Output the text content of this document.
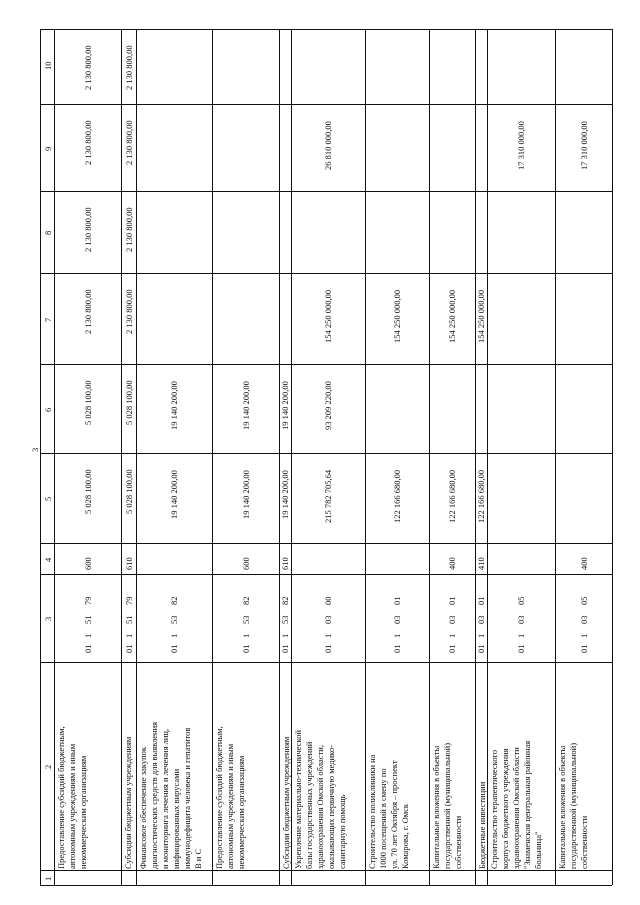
3
1
2
3
4
5
6
7
8
9
10
Предоставление субсидий бюджетным,
автономным учреждениям и иным
некоммерческим организациям
01
1
51
79
600
5 028 100,00
5 028 100,00
2 130 800,00
2 130 800,00
2 130 800,00
2 130 800,00
Субсидии бюджетным учреждениям
01
1
51
79
610
5 028 100,00
5 028 100,00
2 130 800,00
2 130 800,00
2 130 800,00
2 130 800,00
Финансовое обеспечение закупок
диагностических средств для выявления
и мониторинга лечения и лечения лиц,
инфицированных вирусами
иммунодефицита человека и гепатитов
B и C
01
1
53
82
19 140 200,00
19 140 200,00
Предоставление субсидий бюджетным,
автономным учреждениям и иным
некоммерческим организациям
01
1
53
82
600
19 140 200,00
19 140 200,00
Субсидии бюджетным учреждениям
01
1
53
82
610
19 140 200,00
19 140 200,00
Укрепление материально-технической
базы государственных учреждений
здравоохранения Омской области,
оказывающих первичную медико-
санитарную помощь
01
1
03
00
215 782 705,64
93 209 220,00
154 250 000,00
26 810 000,00
Строительство поликлиники на
1000 посещений в смену по
ул. 70 лет Октября – проспект
Комарова, г. Омск
01
1
03
01
122 166 680,00
154 250 000,00
Капитальные вложения в объекты
государственной (муниципальной)
собственности
01
1
03
01
400
122 166 680,00
154 250 000,00
Бюджетные инвестиции
01
1
03
01
410
122 166 680,00
154 250 000,00
Строительство терапевтического
корпуса бюджетного учреждения
здравоохранения Омской области
"Знаменская центральная районная
больница"
01
1
03
05
17 310 000,00
Капитальные вложения в объекты
государственной (муниципальной)
собственности
01
1
03
05
400
17 310 000,00
